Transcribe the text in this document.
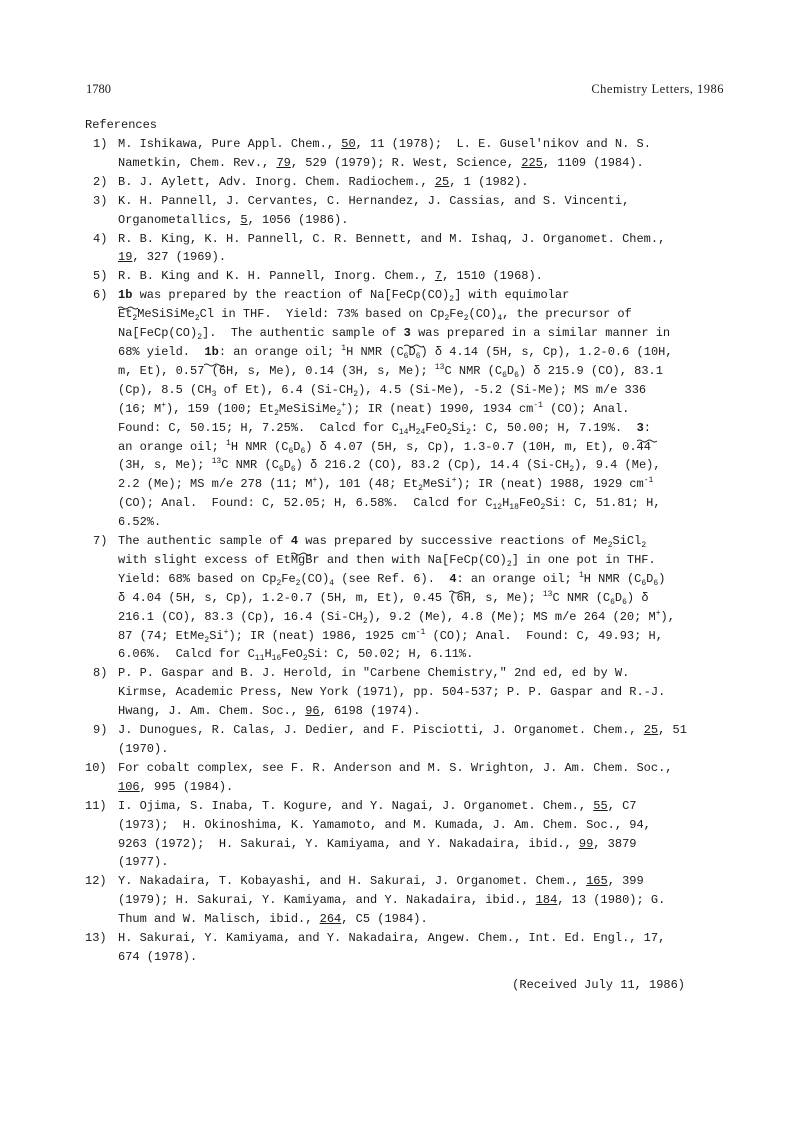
1780	Chemistry Letters, 1986
References
1) M. Ishikawa, Pure Appl. Chem., 50, 11 (1978);  L. E. Gusel'nikov and N. S.
Nametkin, Chem. Rev., 79, 529 (1979); R. West, Science, 225, 1109 (1984).
2) B. J. Aylett, Adv. Inorg. Chem. Radiochem., 25, 1 (1982).
3) K. H. Pannell, J. Cervantes, C. Hernandez, J. Cassias, and S. Vincenti,
Organometallics, 5, 1056 (1986).
4) R. B. King, K. H. Pannell, C. R. Bennett, and M. Ishaq, J. Organomet. Chem.,
19, 327 (1969).
5) R. B. King and K. H. Pannell, Inorg. Chem., 7, 1510 (1968).
6) 1b
was prepared by the reaction of $Na[FeCp(CO)_2]$ with equimolar
$Et_2MeSiSiMe_2Cl$ in THF.  Yield: 73% based on $Cp_2Fe_2(CO)_4$, the precursor of
$Na[FeCp(CO)_2]$.  The authentic sample of 3
was prepared in a similar manner in
68% yield.  1b
: an orange oil; $^1$H NMR $(C_6D_6)$ δ 4.14 (5H, s, Cp), 1.2-0.6 (10H,
m, Et), 0.57 (6H, s, Me), 0.14 (3H, s, Me); $^{13}$C NMR $(C_6D_6)$ δ 215.9 (CO), 83.1
(Cp), 8.5 ($CH_3$ of Et), 6.4 $(Si-CH_2)$, 4.5 (Si-Me), -5.2 (Si-Me); MS m/e 336
(16; M+), 159 (100; $Et_2MeSiSiMe_2^+$); IR (neat) 1990, 1934 $cm^{-1}$ (CO); Anal.
Found: C, 50.15; H, 7.25%.  Calcd for $C_{14}H_{24}FeO_2Si_2$: C, 50.00; H, 7.19%.  3
:
an orange oil; $^1$H NMR $(C_6D_6)$ δ 4.07 (5H, s, Cp), 1.3-0.7 (10H, m, Et), 0.44
(3H, s, Me); $^{13}$C NMR $(C_6D_6)$ δ 216.2 (CO), 83.2 (Cp), 14.4 $(Si-CH_2)$, 9.4 (Me),
2.2 (Me); MS m/e 278 (11; M+), 101 (48; $Et_2MeSi^+$); IR (neat) 1988, 1929 $cm^{-1}$
(CO); Anal.  Found: C, 52.05; H, 6.58%.  Calcd for $C_{12}H_{18}FeO_2Si$: C, 51.81; H,
6.52%.
7) The authentic sample of 4
was prepared by successive reactions of $Me_2SiCl_2$
with slight excess of EtMgBr and then with $Na[FeCp(CO)_2]$ in one pot in THF.
Yield: 68% based on $Cp_2Fe_2(CO)_4$ (see Ref. 6).  4
: an orange oil; $^1$H NMR $(C_6D_6)$
δ 4.04 (5H, s, Cp), 1.2-0.7 (5H, m, Et), 0.45 (6H, s, Me); $^{13}$C NMR $(C_6D_6)$ δ
216.1 (CO), 83.3 (Cp), 16.4 $(Si-CH_2)$, 9.2 (Me), 4.8 (Me); MS m/e 264 (20; M+),
87 (74; EtMe$_2$Si+); IR (neat) 1986, 1925 $cm^{-1}$ (CO); Anal.  Found: C, 49.93; H,
6.06%.  Calcd for $C_{11}H_{16}FeO_2Si$: C, 50.02; H, 6.11%.
8) P. P. Gaspar and B. J. Herold, in "Carbene Chemistry," 2nd ed, ed by W.
Kirmse, Academic Press, New York (1971), pp. 504-537; P. P. Gaspar and R.-J.
Hwang, J. Am. Chem. Soc., 96, 6198 (1974).
9) J. Dunogues, R. Calas, J. Dedier, and F. Pisciotti, J. Organomet. Chem., 25, 51
(1970).
10) For cobalt complex, see F. R. Anderson and M. S. Wrighton, J. Am. Chem. Soc.,
106, 995 (1984).
11) I. Ojima, S. Inaba, T. Kogure, and Y. Nagai, J. Organomet. Chem., 55, C7
(1973);  H. Okinoshima, K. Yamamoto, and M. Kumada, J. Am. Chem. Soc., 94,
9263 (1972);  H. Sakurai, Y. Kamiyama, and Y. Nakadaira, ibid., 99, 3879
(1977).
12) Y. Nakadaira, T. Kobayashi, and H. Sakurai, J. Organomet. Chem., 165, 399
(1979); H. Sakurai, Y. Kamiyama, and Y. Nakadaira, ibid., 184, 13 (1980); G.
Thum and W. Malisch, ibid., 264, C5 (1984).
13) H. Sakurai, Y. Kamiyama, and Y. Nakadaira, Angew. Chem., Int. Ed. Engl., 17,
674 (1978).
(Received July 11, 1986)
